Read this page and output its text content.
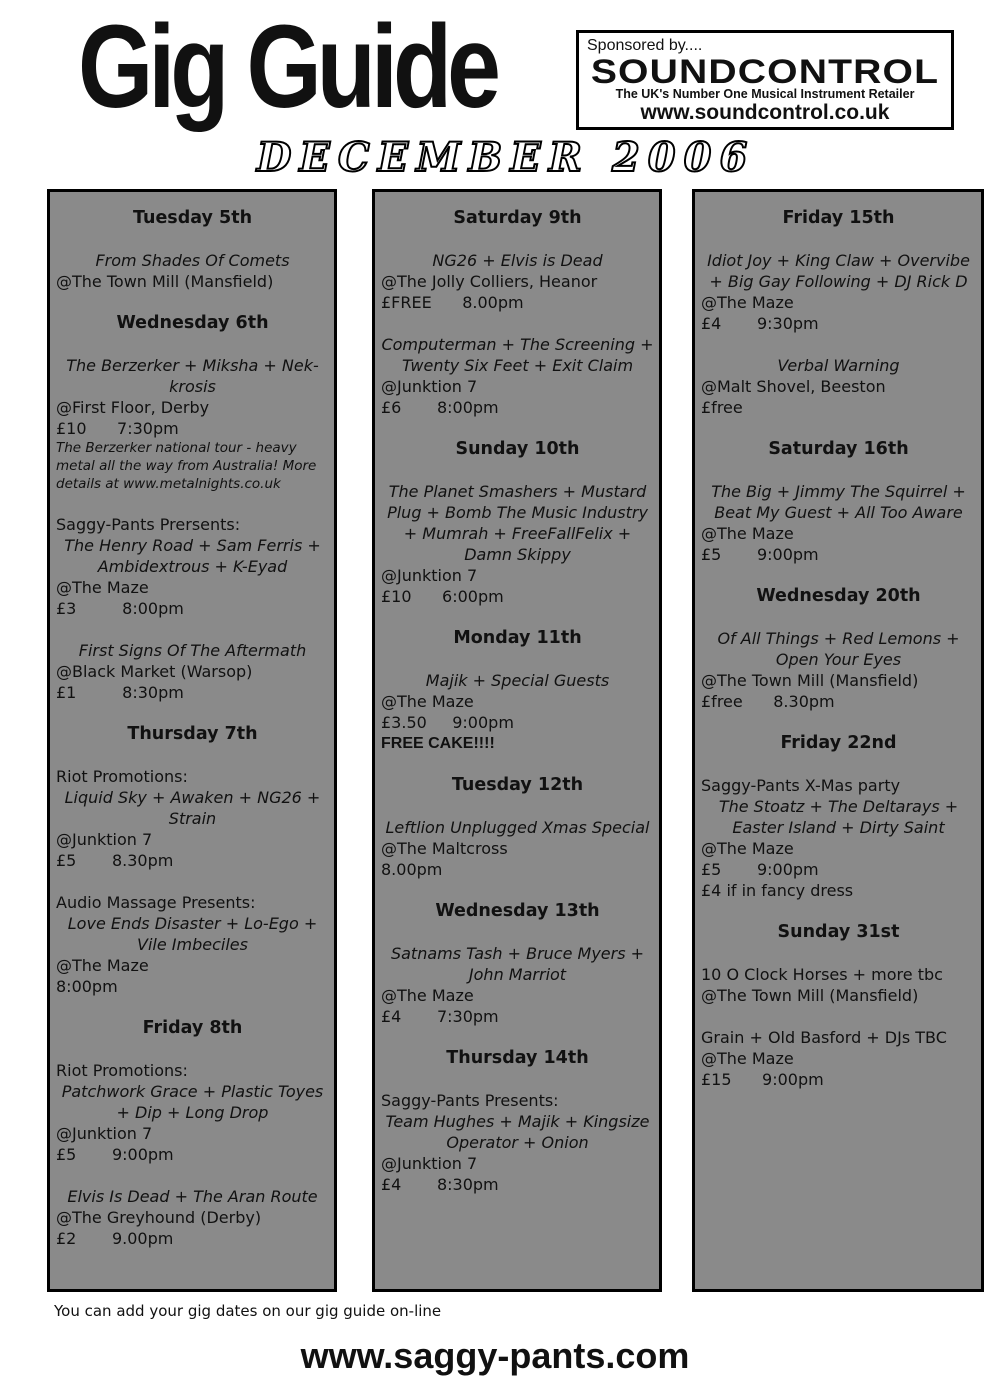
Gig Guide	Sponsored by....
SOUNDCONTROL
The UK's Number One Musical Instrument Retailer
www.soundcontrol.co.uk
DECEMBER 2006
Tuesday 5th
From Shades Of Comets
@The Town Mill (Mansfield)
Wednesday 6th
The Berzerker + Miksha + Nek-krosis
@First Floor, Derby
£10      7:30pm
The Berzerker national tour - heavy metal all the way from Australia! More details at www.metalnights.co.uk
Saggy-Pants Prersents:
The Henry Road + Sam Ferris + Ambidextrous + K-Eyad
@The Maze
£3         8:00pm
First Signs Of The Aftermath
@Black Market (Warsop)
£1         8:30pm
Thursday 7th
Riot Promotions:
Liquid Sky + Awaken + NG26 + Strain
@Junktion 7
£5       8.30pm
Audio Massage Presents:
Love Ends Disaster + Lo-Ego + Vile Imbeciles
@The Maze
8:00pm
Friday 8th
Riot Promotions:
Patchwork Grace + Plastic Toyes + Dip + Long Drop
@Junktion 7
£5       9:00pm
Elvis Is Dead + The Aran Route
@The Greyhound (Derby)
£2       9.00pm
Saturday 9th
NG26 + Elvis is Dead
@The Jolly Colliers, Heanor
£FREE      8.00pm
Computerman + The Screening + Twenty Six Feet + Exit Claim
@Junktion 7
£6       8:00pm
Sunday 10th
The Planet Smashers + Mustard Plug + Bomb The Music Industry + Mumrah + FreeFallFelix + Damn Skippy
@Junktion 7
£10      6:00pm
Monday 11th
Majik + Special Guests
@The Maze
£3.50     9:00pm
FREE CAKE!!!!
Tuesday 12th
Leftlion Unplugged Xmas Special
@The Maltcross
8.00pm
Wednesday 13th
Satnams Tash + Bruce Myers + John Marriot
@The Maze
£4       7:30pm
Thursday 14th
Saggy-Pants Presents:
Team Hughes + Majik + Kingsize Operator + Onion
@Junktion 7
£4       8:30pm
Friday 15th
Idiot Joy + King Claw + Overvibe + Big Gay Following + DJ Rick D
@The Maze
£4       9:30pm
Verbal Warning
@Malt Shovel, Beeston
£free
Saturday 16th
The Big + Jimmy The Squirrel + Beat My Guest + All Too Aware
@The Maze
£5       9:00pm
Wednesday 20th
Of All Things + Red Lemons + Open Your Eyes
@The Town Mill (Mansfield)
£free      8.30pm
Friday 22nd
Saggy-Pants X-Mas party
The Stoatz + The Deltarays + Easter Island + Dirty Saint
@The Maze
£5       9:00pm
£4 if in fancy dress
Sunday 31st
10 O Clock Horses + more tbc
@The Town Mill (Mansfield)
Grain + Old Basford + DJs TBC
@The Maze
£15      9:00pm
You can add your gig dates on our gig guide on-line
www.saggy-pants.com
